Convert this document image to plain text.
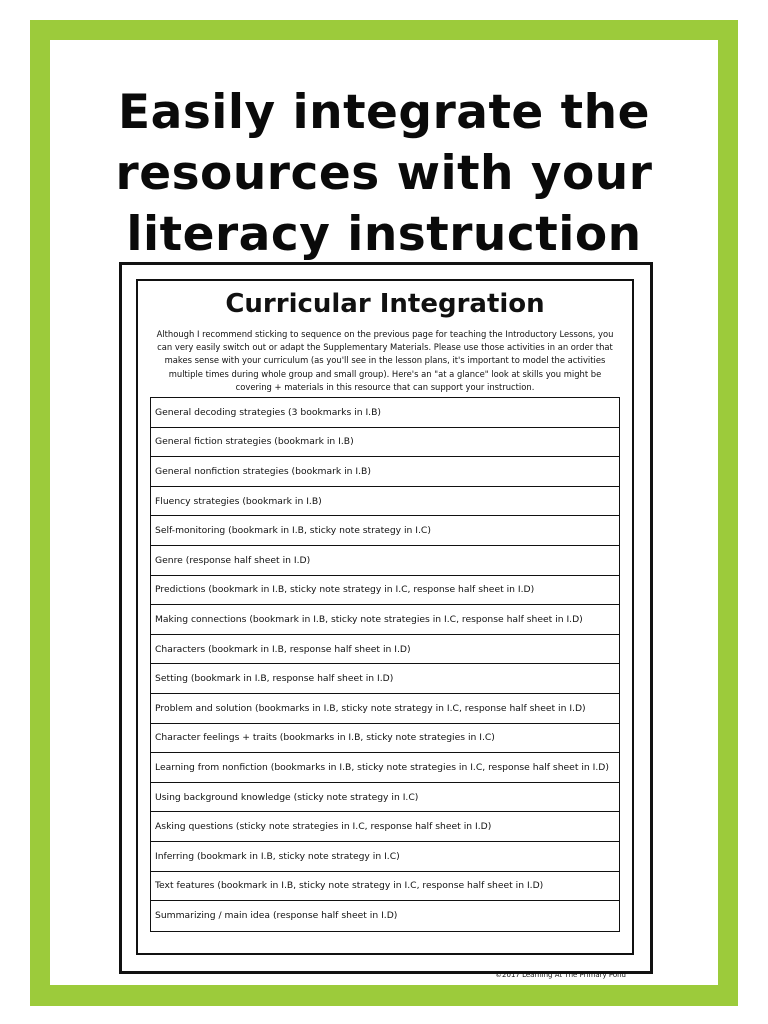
Easily integrate the
resources with your
literacy instruction
Curricular Integration
Although I recommend sticking to sequence on the previous page for teaching the Introductory Lessons, you can very easily switch out or adapt the Supplementary Materials. Please use those activities in an order that makes sense with your curriculum (as you'll see in the lesson plans, it's important to model the activities multiple times during whole group and small group). Here's an "at a glance" look at skills you might be covering + materials in this resource that can support your instruction.
General decoding strategies (3 bookmarks in I.B)
General fiction strategies (bookmark in I.B)
General nonfiction strategies (bookmark in I.B)
Fluency strategies (bookmark in I.B)
Self-monitoring (bookmark in I.B, sticky note strategy in I.C)
Genre (response half sheet in I.D)
Predictions (bookmark in I.B, sticky note strategy in I.C, response half sheet in I.D)
Making connections (bookmark in I.B, sticky note strategies in I.C, response half sheet in I.D)
Characters (bookmark in I.B, response half sheet in I.D)
Setting (bookmark in I.B, response half sheet in I.D)
Problem and solution (bookmarks in I.B, sticky note strategy in I.C, response half sheet in I.D)
Character feelings + traits (bookmarks in I.B, sticky note strategies in I.C)
Learning from nonfiction (bookmarks in I.B, sticky note strategies in I.C, response half sheet in I.D)
Using background knowledge (sticky note strategy in I.C)
Asking questions (sticky note strategies in I.C, response half sheet in I.D)
Inferring (bookmark in I.B, sticky note strategy in I.C)
Text features (bookmark in I.B, sticky note strategy in I.C, response half sheet in I.D)
Summarizing / main idea (response half sheet in I.D)
©2017 Learning At The Primary Pond
